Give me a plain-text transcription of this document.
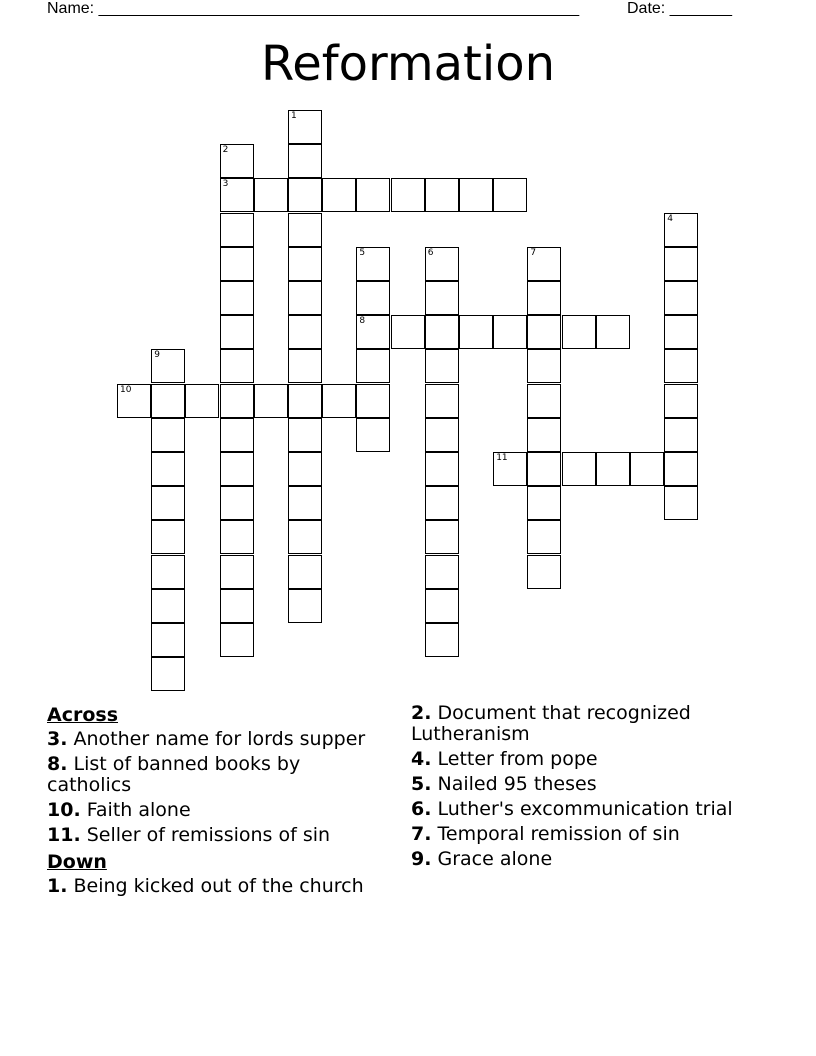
Name: ______________________________________________________	Date: _______
Reformation
1
2
3
4
5
8
6	7
9
10
11
Across
3. Another name for lords supper
8. List of banned books by catholics
10. Faith alone
11. Seller of remissions of sin
Down
1. Being kicked out of the church
2. Document that recognized Lutheranism
4. Letter from pope
5. Nailed 95 theses
6. Luther's excommunication trial
7. Temporal remission of sin
9. Grace alone
